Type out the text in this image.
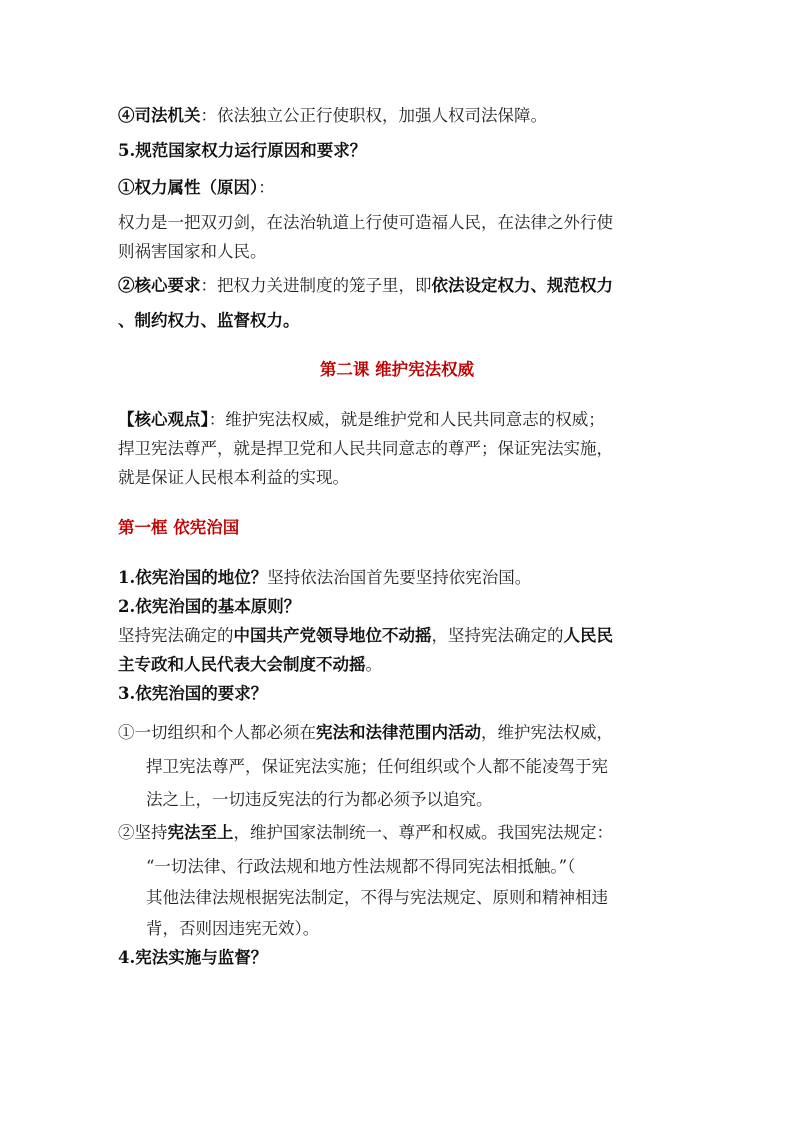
④司法机关：依法独立公正行使职权，加强人权司法保障。
5.规范国家权力运行原因和要求？
①权力属性（原因）：
权力是一把双刃剑，在法治轨道上行使可造福人民，在法律之外行使
则祸害国家和人民。
②核心要求：把权力关进制度的笼子里，即依法设定权力、规范权力
、制约权力、监督权力。
第二课 维护宪法权威
【核心观点】：维护宪法权威，就是维护党和人民共同意志的权威；
捍卫宪法尊严，就是捍卫党和人民共同意志的尊严；保证宪法实施，
就是保证人民根本利益的实现。
第一框 依宪治国
1.依宪治国的地位？坚持依法治国首先要坚持依宪治国。
2.依宪治国的基本原则？
坚持宪法确定的中国共产党领导地位不动摇，坚持宪法确定的人民民
主专政和人民代表大会制度不动摇。
3.依宪治国的要求？
①一切组织和个人都必须在宪法和法律范围内活动，维护宪法权威，
捍卫宪法尊严，保证宪法实施；任何组织或个人都不能凌驾于宪
法之上，一切违反宪法的行为都必须予以追究。
②坚持宪法至上，维护国家法制统一、尊严和权威。我国宪法规定：
“一切法律、行政法规和地方性法规都不得同宪法相抵触。”（
其他法律法规根据宪法制定，不得与宪法规定、原则和精神相违
背，否则因违宪无效）。
4.宪法实施与监督？
